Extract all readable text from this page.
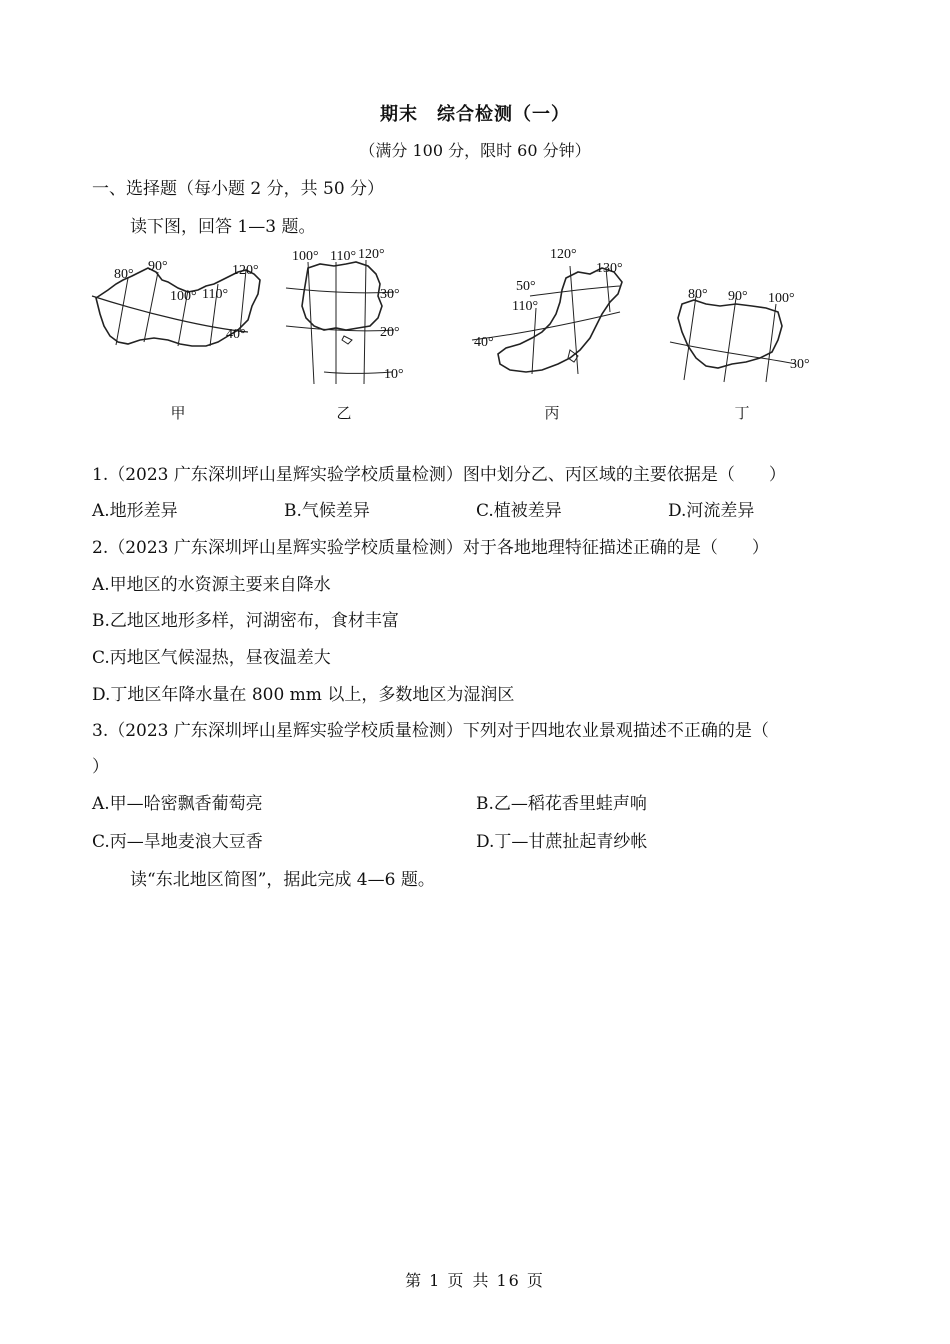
期末　综合检测（一）
（满分 100 分，限时 60 分钟）
一、选择题（每小题 2 分，共 50 分）
读下图，回答 1—3 题。
80°
90°
100° 110°
120°
40°
甲
100° 110° 120°
30°
20°
10°
乙
120°
130°
50°
110°
40°
丙
80° 90° 100°
30°
丁
1.（2023 广东深圳坪山星辉实验学校质量检测）图中划分乙、丙区域的主要依据是（　　）
A.地形差异	B.气候差异	C.植被差异	D.河流差异
2.（2023 广东深圳坪山星辉实验学校质量检测）对于各地地理特征描述正确的是（　　）
A.甲地区的水资源主要来自降水
B.乙地区地形多样，河湖密布，食材丰富
C.丙地区气候湿热，昼夜温差大
D.丁地区年降水量在 800 mm 以上，多数地区为湿润区
3.（2023 广东深圳坪山星辉实验学校质量检测）下列对于四地农业景观描述不正确的是（
）
A.甲—哈密飘香葡萄亮	B.乙—稻花香里蛙声响
C.丙—旱地麦浪大豆香	D.丁—甘蔗扯起青纱帐
读“东北地区简图”，据此完成 4—6 题。
第 1 页 共 16 页
